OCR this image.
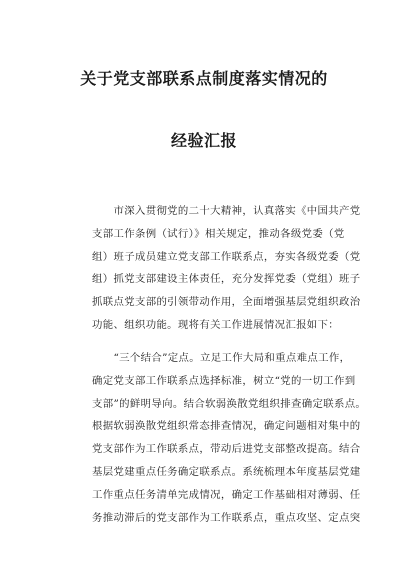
关于党支部联系点制度落实情况的
经验汇报
　　市深入贯彻党的二十大精神，认真落实《中国共产党
支部工作条例（试行）》相关规定，推动各级党委（党
组）班子成员建立党支部工作联系点，夯实各级党委（党
组）抓党支部建设主体责任，充分发挥党委（党组）班子
抓联点党支部的引领带动作用，全面增强基层党组织政治
功能、组织功能。现将有关工作进展情况汇报如下：
　　“三个结合”定点。立足工作大局和重点难点工作，
确定党支部工作联系点选择标准，树立“党的一切工作到
支部”的鲜明导向。结合软弱涣散党组织排查确定联系点。
根据软弱涣散党组织常态排查情况，确定问题相对集中的
党支部作为工作联系点，带动后进党支部整改提高。结合
基层党建重点任务确定联系点。系统梳理本年度基层党建
工作重点任务清单完成情况，确定工作基础相对薄弱、任
务推动滞后的党支部作为工作联系点，重点攻坚、定点突
